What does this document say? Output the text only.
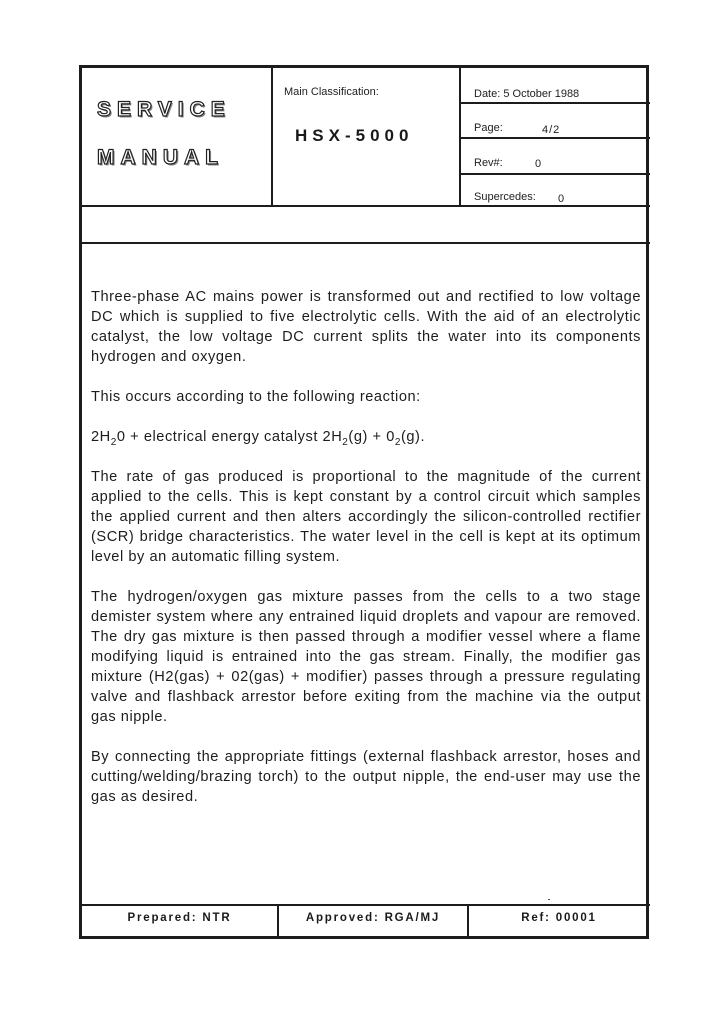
SERVICE
MANUAL
Main Classification:
HSX-5000
Date: 5 October 1988
Page:	4/2
Rev#:	0
Supercedes: 0

Three-phase AC mains power is transformed out and rectified to low voltage DC which is supplied to five electrolytic cells. With the aid of an electrolytic catalyst, the low voltage DC current splits the water into its components hydrogen and oxygen.

This occurs according to the following reaction:

$2H_20$ + electrical energy catalyst $2H_2(g) + 0_2(g)$.

The rate of gas produced is proportional to the magnitude of the current applied to the cells. This is kept constant by a control circuit which samples the applied current and then alters accordingly the silicon-controlled rectifier (SCR) bridge characteristics. The water level in the cell is kept at its optimum level by an automatic filling system.

The hydrogen/oxygen gas mixture passes from the cells to a two stage demister system where any entrained liquid droplets and vapour are removed. The dry gas mixture is then passed through a modifier vessel where a flame modifying liquid is entrained into the gas stream. Finally, the modifier gas mixture (H2(gas) + 02(gas) + modifier) passes through a pressure regulating valve and flashback arrestor before exiting from the machine via the output gas nipple.

By connecting the appropriate fittings (external flashback arrestor, hoses and cutting/welding/brazing torch) to the output nipple, the end-user may use the gas as desired.

Prepared: NTR	Approved: RGA/MJ	Ref: 00001
